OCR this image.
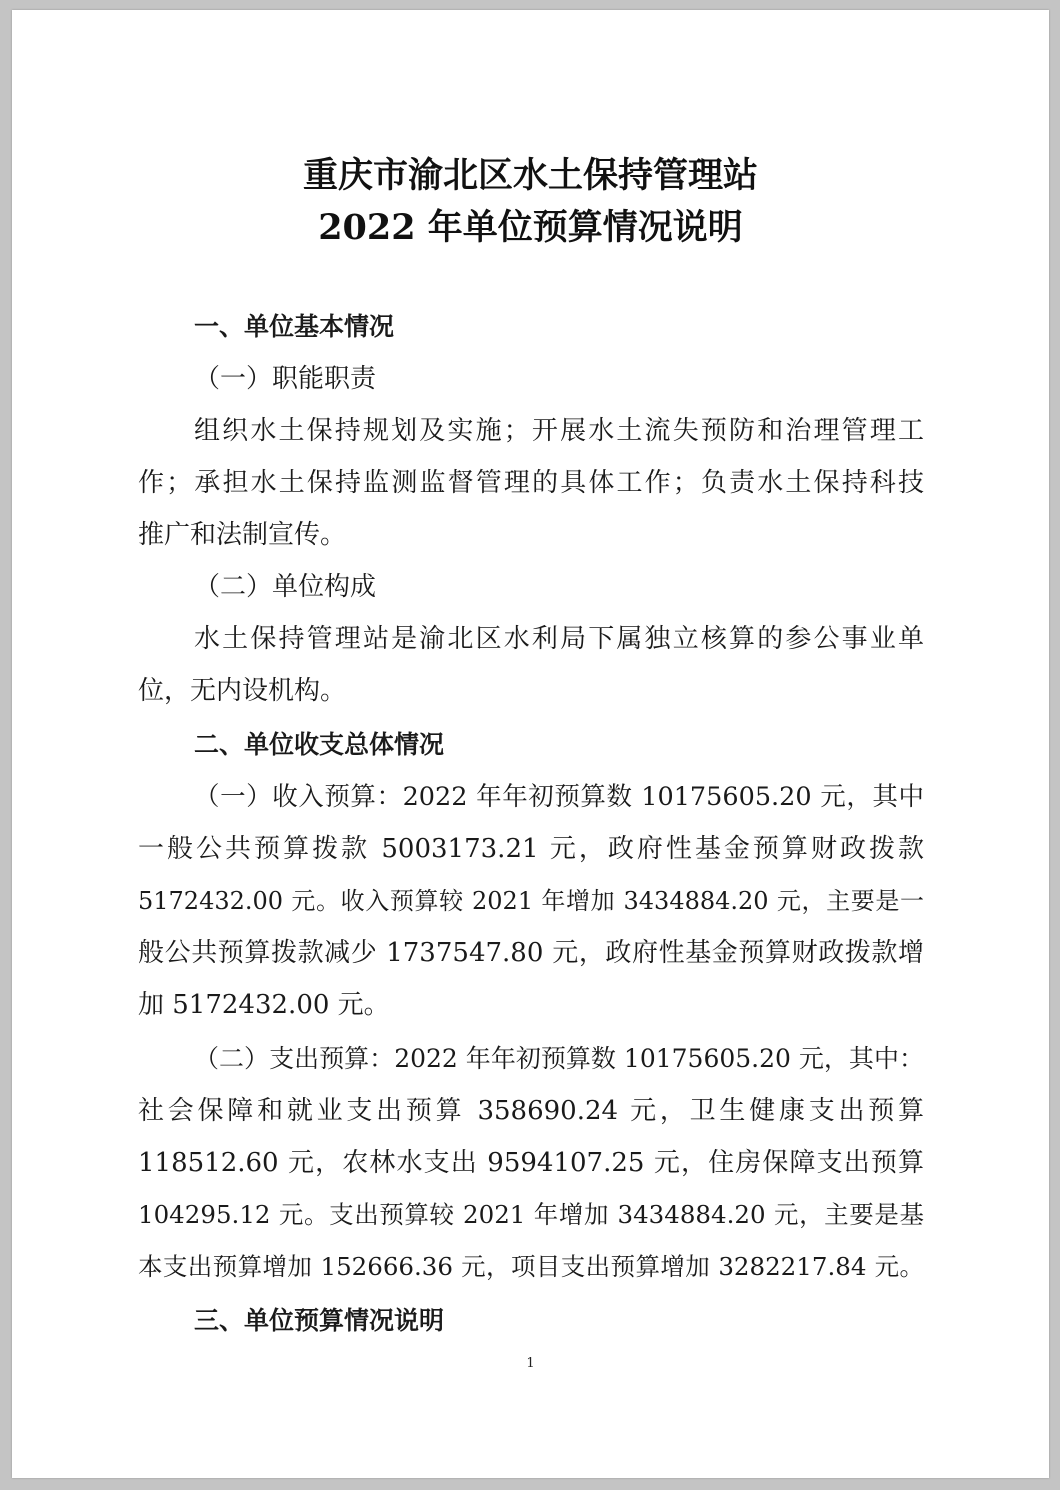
重庆市渝北区水土保持管理站
2022 年单位预算情况说明
一、单位基本情况
（一）职能职责
组织水土保持规划及实施；开展水土流失预防和治理管理工
作；承担水土保持监测监督管理的具体工作；负责水土保持科技
推广和法制宣传。
（二）单位构成
水土保持管理站是渝北区水利局下属独立核算的参公事业单
位，无内设机构。
二、单位收支总体情况
（一）收入预算：2022 年年初预算数 10175605.20 元，其中
一般公共预算拨款 5003173.21 元，政府性基金预算财政拨款
5172432.00 元。收入预算较 2021 年增加 3434884.20 元，主要是一
般公共预算拨款减少 1737547.80 元，政府性基金预算财政拨款增
加 5172432.00 元。
（二）支出预算：2022 年年初预算数 10175605.20 元，其中：
社会保障和就业支出预算 358690.24 元，卫生健康支出预算
118512.60 元，农林水支出 9594107.25 元，住房保障支出预算
104295.12 元。支出预算较 2021 年增加 3434884.20 元，主要是基
本支出预算增加 152666.36 元，项目支出预算增加 3282217.84 元。
三、单位预算情况说明
1
